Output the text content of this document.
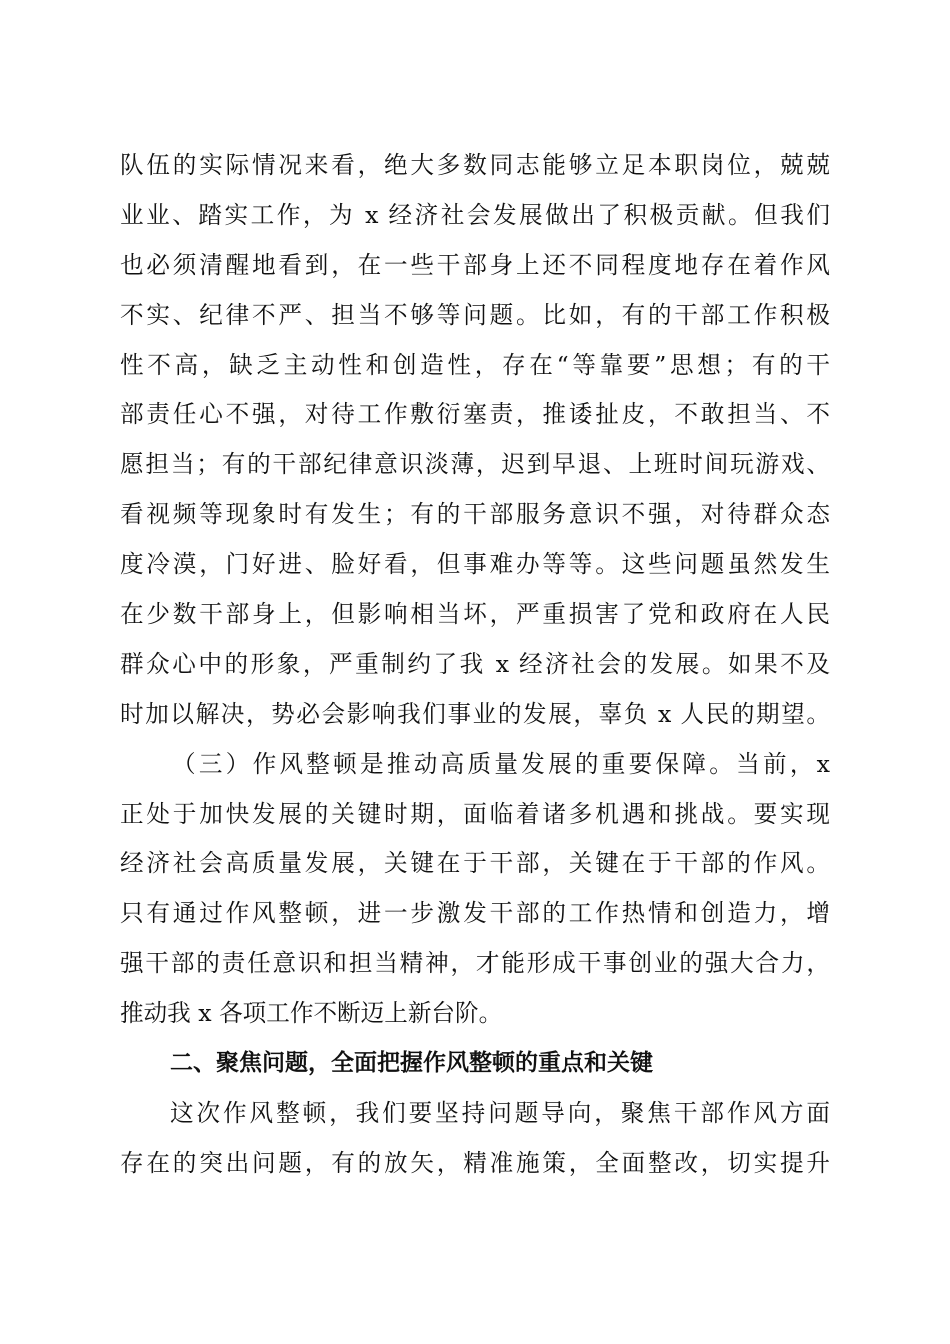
队伍的实际情况来看，绝大多数同志能够立足本职岗位，兢兢
业业、踏实工作，为 x 经济社会发展做出了积极贡献。但我们
也必须清醒地看到，在一些干部身上还不同程度地存在着作风
不实、纪律不严、担当不够等问题。比如，有的干部工作积极
性不高，缺乏主动性和创造性，存在“等靠要”思想；有的干
部责任心不强，对待工作敷衍塞责，推诿扯皮，不敢担当、不
愿担当；有的干部纪律意识淡薄，迟到早退、上班时间玩游戏、
看视频等现象时有发生；有的干部服务意识不强，对待群众态
度冷漠，门好进、脸好看，但事难办等等。这些问题虽然发生
在少数干部身上，但影响相当坏，严重损害了党和政府在人民
群众心中的形象，严重制约了我 x 经济社会的发展。如果不及
时加以解决，势必会影响我们事业的发展，辜负 x 人民的期望。
（三）作风整顿是推动高质量发展的重要保障。当前，x
正处于加快发展的关键时期，面临着诸多机遇和挑战。要实现
经济社会高质量发展，关键在于干部，关键在于干部的作风。
只有通过作风整顿，进一步激发干部的工作热情和创造力，增
强干部的责任意识和担当精神，才能形成干事创业的强大合力，
推动我 x 各项工作不断迈上新台阶。
二、聚焦问题，全面把握作风整顿的重点和关键
这次作风整顿，我们要坚持问题导向，聚焦干部作风方面
存在的突出问题，有的放矢，精准施策，全面整改，切实提升
